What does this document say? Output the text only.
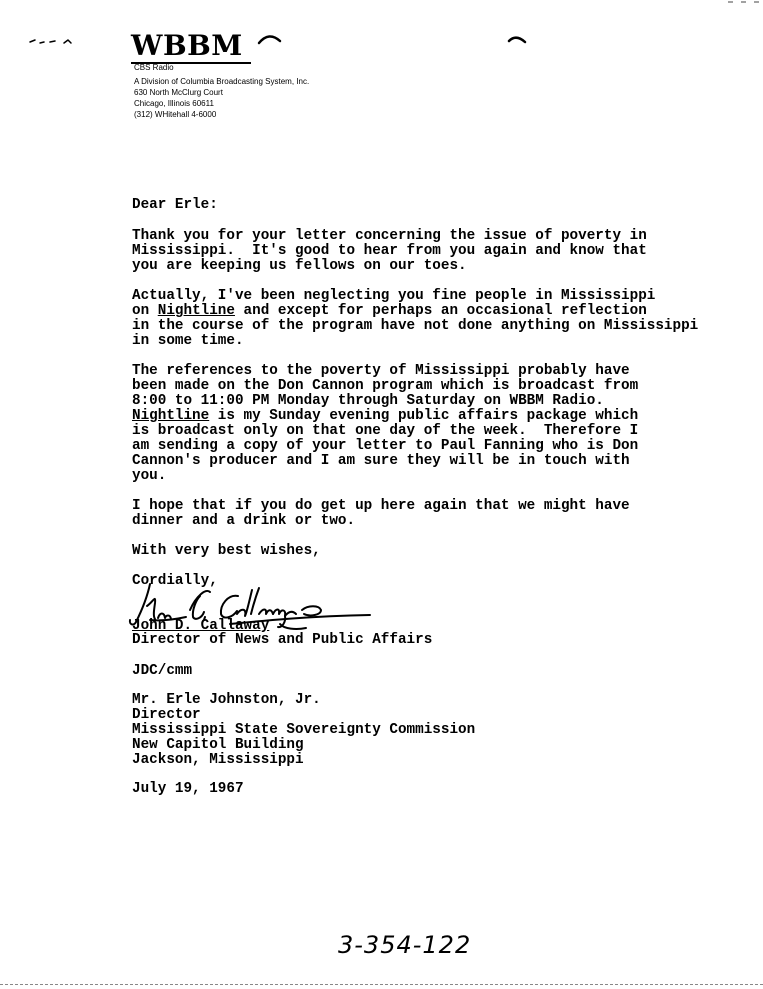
WBBM
CBS Radio
A Division of Columbia Broadcasting System, Inc.
630 North McClurg Court
Chicago, Illinois 60611
(312) WHitehall 4-6000
Dear Erle:
Thank you for your letter concerning the issue of poverty in
Mississippi.  It's good to hear from you again and know that
you are keeping us fellows on our toes.
Actually, I've been neglecting you fine people in Mississippi
on Nightline and except for perhaps an occasional reflection
in the course of the program have not done anything on Mississippi
in some time.
The references to the poverty of Mississippi probably have
been made on the Don Cannon program which is broadcast from
8:00 to 11:00 PM Monday through Saturday on WBBM Radio.
Nightline is my Sunday evening public affairs package which
is broadcast only on that one day of the week.  Therefore I
am sending a copy of your letter to Paul Fanning who is Don
Cannon's producer and I am sure they will be in touch with
you.
I hope that if you do get up here again that we might have
dinner and a drink or two.
With very best wishes,
Cordially,
John D. Callaway
Director of News and Public Affairs
JDC/cmm
Mr. Erle Johnston, Jr.
Director
Mississippi State Sovereignty Commission
New Capitol Building
Jackson, Mississippi
July 19, 1967
3-354-122
